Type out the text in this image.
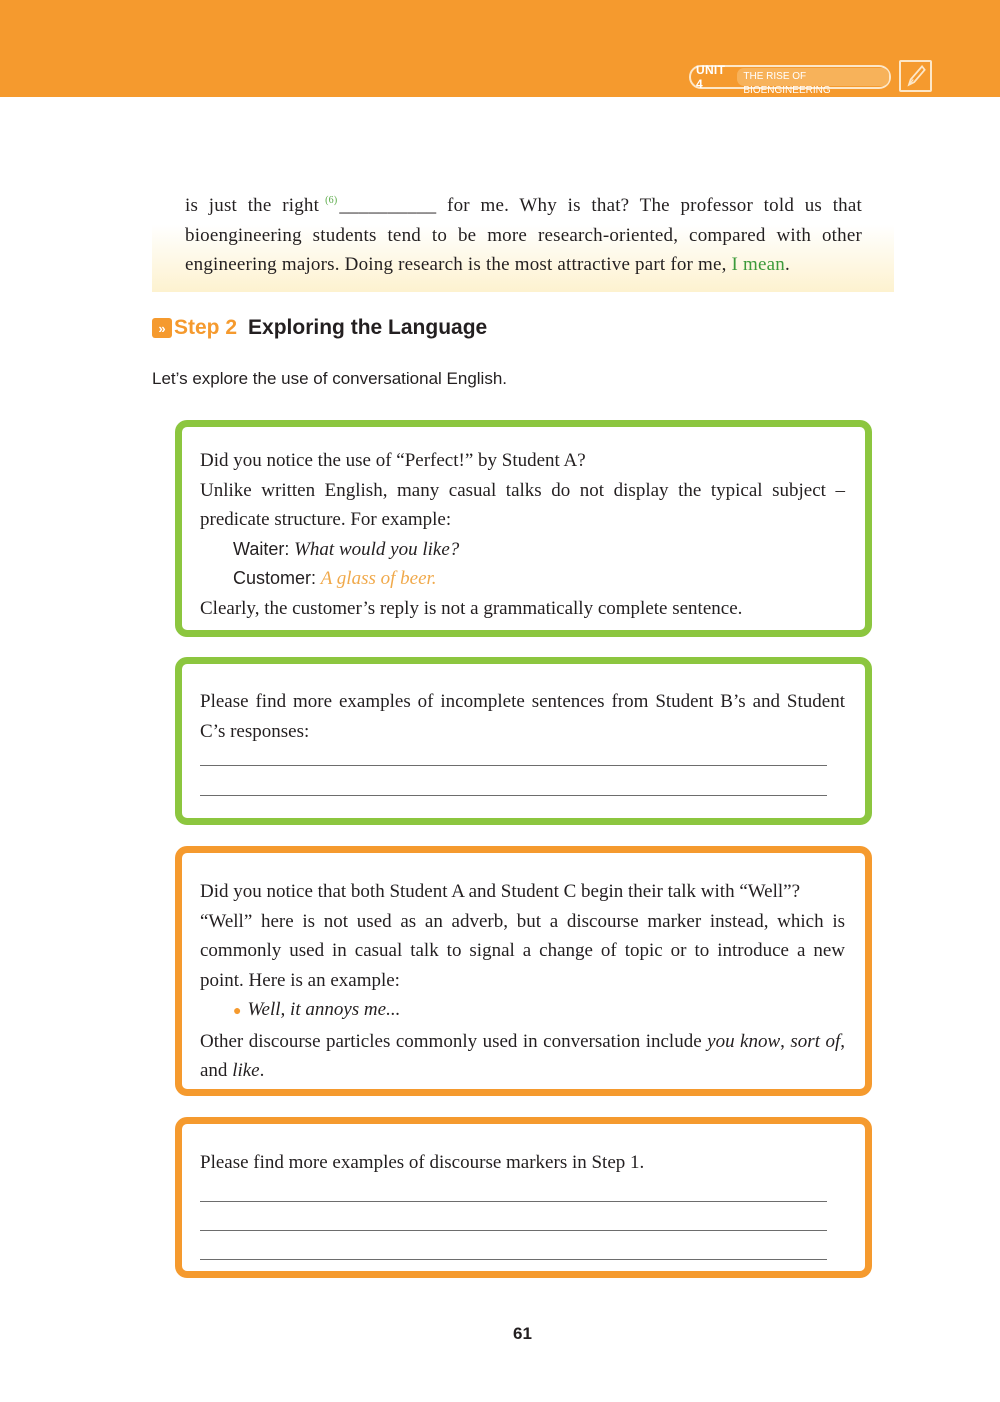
UNIT 4
THE RISE OF BIOENGINEERING
is just the right $^{(6)}$ __________ for me. Why is that? The professor told us that bioengineering students tend to be more research-oriented, compared with other engineering majors. Doing research is the most attractive part for me, I mean.
» Step 2 Exploring the Language
Let’s explore the use of conversational English.

Did you notice the use of “Perfect!” by Student A?

Unlike written English, many casual talks do not display the typical subject – predicate structure. For example:

Waiter: What would you like?

Customer: A glass of beer.

Clearly, the customer’s reply is not a grammatically complete sentence.

Please find more examples of incomplete sentences from Student B’s and Student C’s responses:

Did you notice that both Student A and Student C begin their talk with “Well”?

“Well” here is not used as an adverb, but a discourse marker instead, which is commonly used in casual talk to signal a change of topic or to introduce a new point. Here is an example:

● Well, it annoys me...

Other discourse particles commonly used in conversation include you know, sort of, and like.

Please find more examples of discourse markers in Step 1.

61
